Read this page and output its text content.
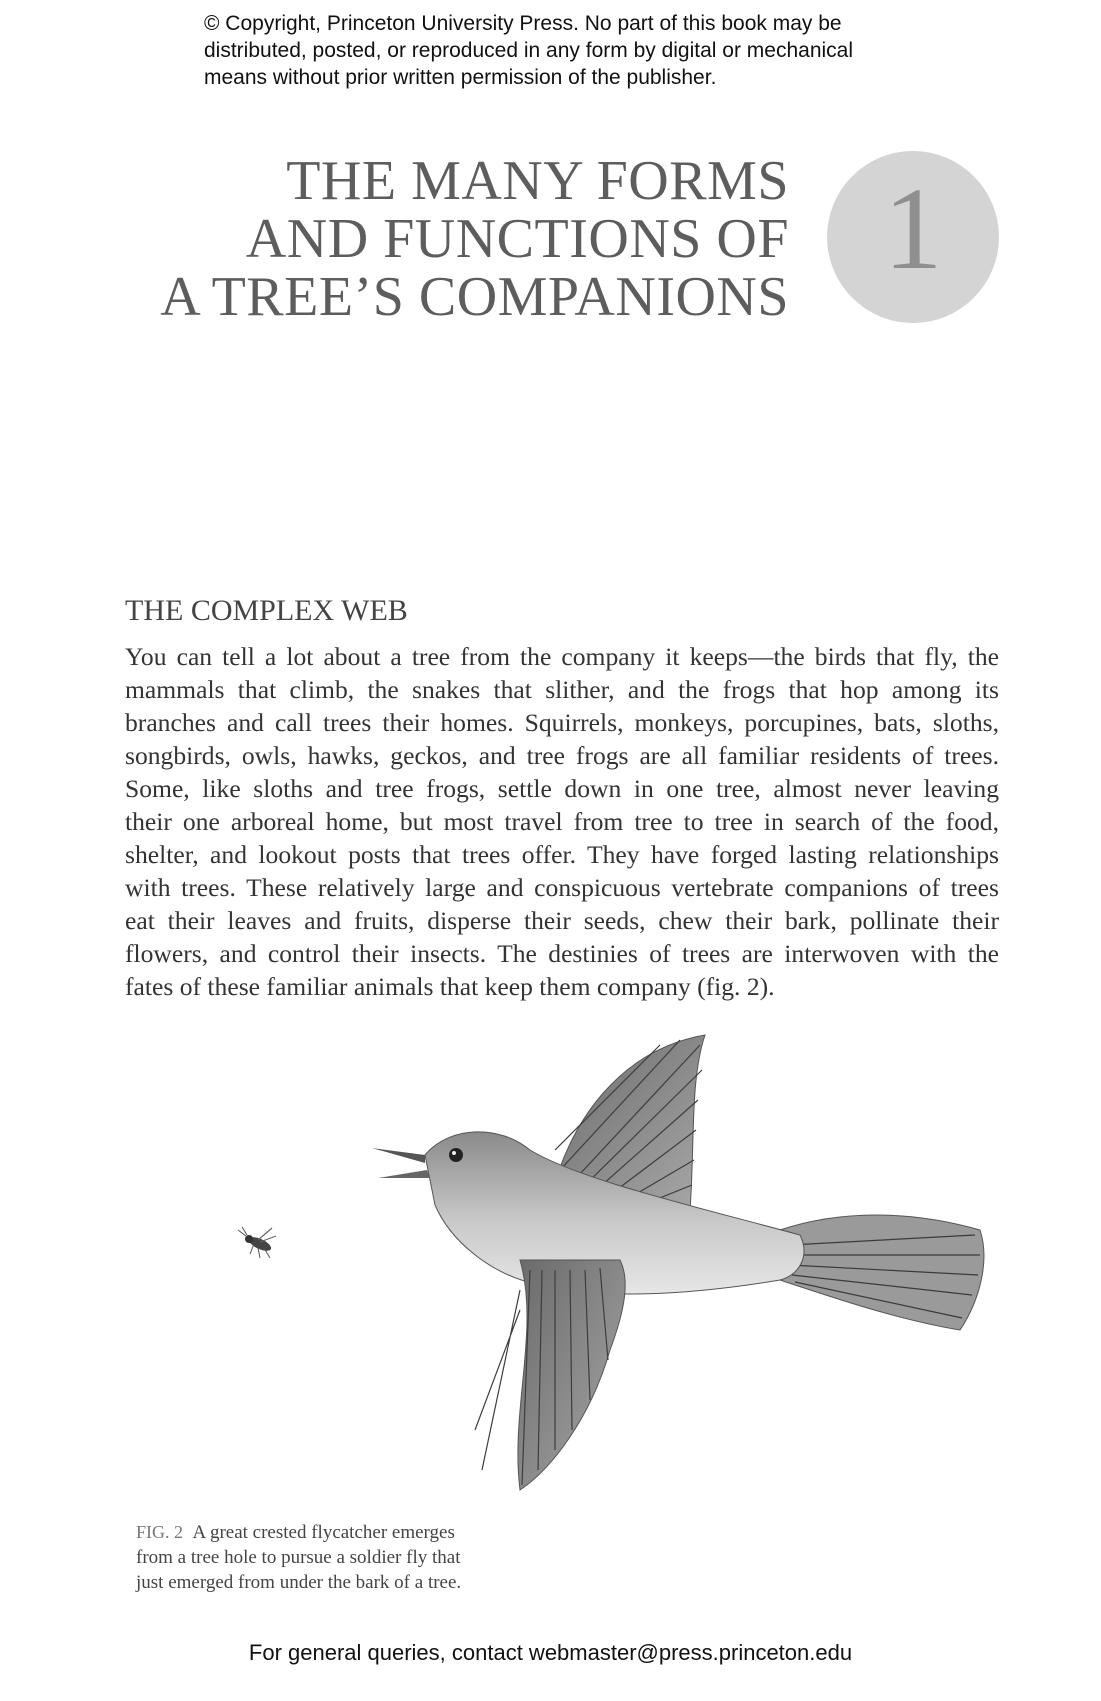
© Copyright, Princeton University Press. No part of this book may be
distributed, posted, or reproduced in any form by digital or mechanical
means without prior written permission of the publisher.
THE MANY FORMS
AND FUNCTIONS OF
A TREE’S COMPANIONS
1
THE COMPLEX WEB
You can tell a lot about a tree from the company it keeps—the birds that fly, the
mammals that climb, the snakes that slither, and the frogs that hop among its
branches and call trees their homes. Squirrels, monkeys, porcupines, bats, sloths,
songbirds, owls, hawks, geckos, and tree frogs are all familiar residents of trees.
Some, like sloths and tree frogs, settle down in one tree, almost never leaving
their one arboreal home, but most travel from tree to tree in search of the food,
shelter, and lookout posts that trees offer. They have forged lasting relationships
with trees. These relatively large and conspicuous vertebrate companions of trees
eat their leaves and fruits, disperse their seeds, chew their bark, pollinate their
flowers, and control their insects. The destinies of trees are interwoven with the
fates of these familiar animals that keep them company (fig. 2).
FIG. 2 A great crested flycatcher emerges
from a tree hole to pursue a soldier fly that
just emerged from under the bark of a tree.
For general queries, contact webmaster@press.princeton.edu
